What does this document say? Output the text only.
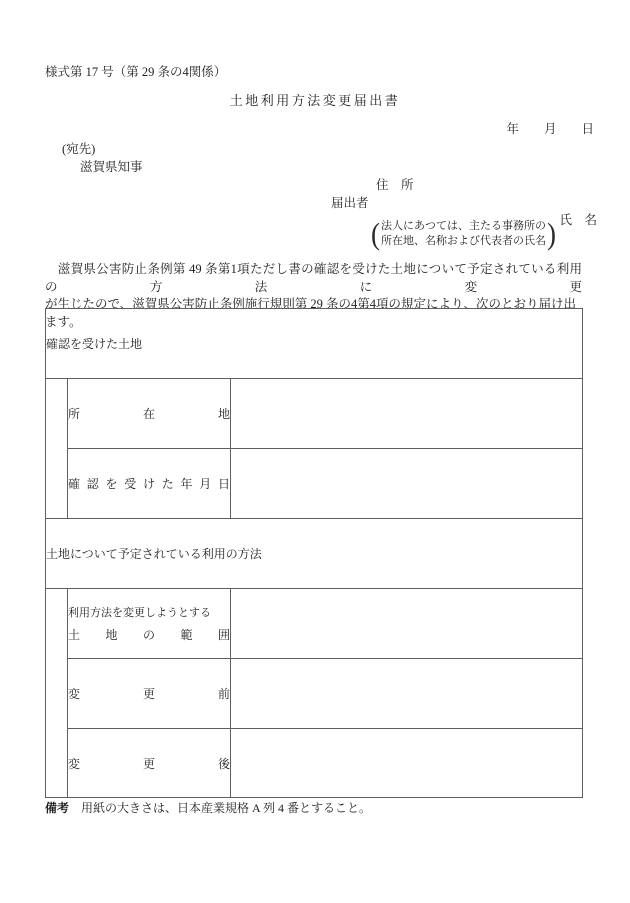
様式第 17 号（第 29 条の4関係）
土地利用方法変更届出書
年　　月　　日
(宛先)
滋賀県知事
住　所
届出者
氏　名
( 法人にあつては、主たる事務所の
所在地、名称および代表者の氏名 )
　滋賀県公害防止条例第 49 条第1項ただし書の確認を受けた土地について予定されている利用の方法に変更
が生じたので、滋賀県公害防止条例施行規則第 29 条の4第4項の規定により、次のとおり届け出ます。
確認を受けた土地		

	所在地	

	確認を受けた年月日	

土地について予定されている利用の方法		

	利用方法を変更しようとする
土地の範囲	

	変更前	

	変更後	

備考 用紙の大きさは、日本産業規格 A 列 4 番とすること。
